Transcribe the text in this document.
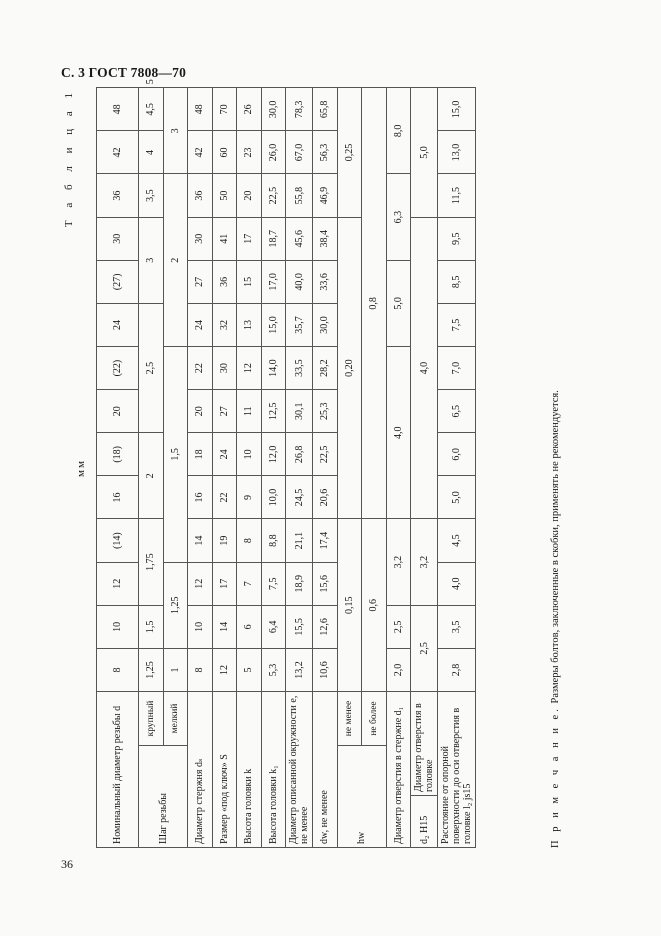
С. 3 ГОСТ 7808—70
36
Т а б л и ц а 1
мм
Номинальный диаметр резьбы d			8	10	12	(14)	16	(18)	20	(22)	24	(27)	30	36	42	48	
Шаг резьбы		крупный	1,25	1,5	1,75		2		2,5			3		3,5	4	4,5	5
		мелкий	1	1,25		1,5					2				3		
Диаметр стержня dₛ			8	10	12	14	16	18	20	22	24	27	30	36	42	48	
Размер «под ключ» S			12	14	17	19	22	24	27	30	32	36	41	50	60	70	
Высота головки k			5	6	7	8	9	10	11	12	13	15	17	20	23	26	
Высота головки k₁			5,3	6,4	7,5	8,8	10,0	12,0	12,5	14,0	15,0	17,0	18,7	22,5	26,0	30,0	
Диаметр описанной окружности e, не менее			13,2	15,5	18,9	21,1	24,5	26,8	30,1	33,5	35,7	40,0	45,6	55,8	67,0	78,3	
dw, не менее			10,6	12,6	15,6	17,4	20,6	22,5	25,3	28,2	30,0	33,6	38,4	46,9	56,3	65,8	
hw		не менее	0,15				0,20							0,25			
		не более	0,6				0,8										
Диаметр отверстия в стержне d₁			2,0	2,5	3,2		4,0				5,0		6,3		8,0		
d₂ H15	Диаметр отверстия в головке		2,5		3,2		4,0							5,0			
Расстояние от опорной поверхности до оси отверстия в головке l₂ js15			2,8	3,5	4,0	4,5	5,0	6,0	6,5	7,0	7,5	8,5	9,5	11,5	13,0	15,0	
П р и м е ч а н и е. Размеры болтов, заключенные в скобки, применять не рекомендуется.
